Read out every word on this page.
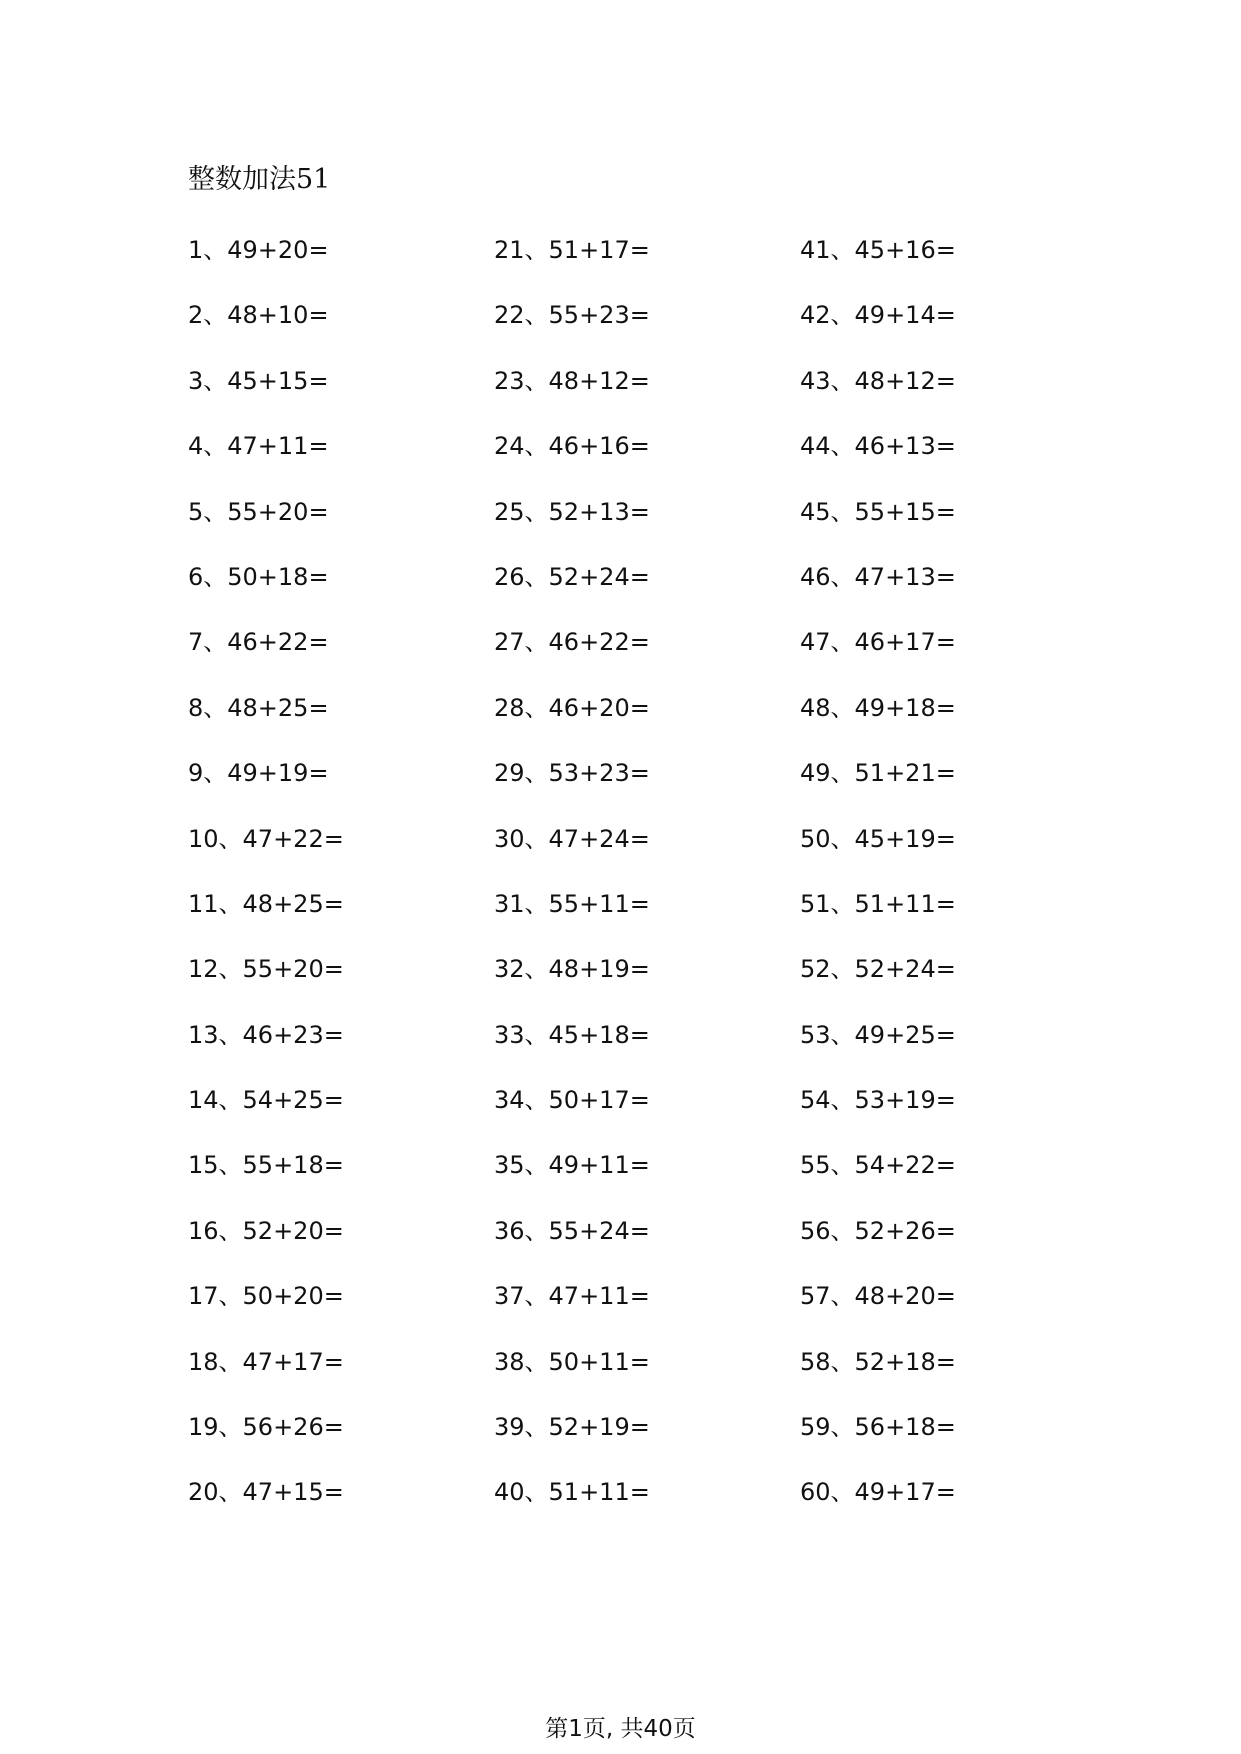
整数加法51
1、49+20=
2、48+10=
3、45+15=
4、47+11=
5、55+20=
6、50+18=
7、46+22=
8、48+25=
9、49+19=
10、47+22=
11、48+25=
12、55+20=
13、46+23=
14、54+25=
15、55+18=
16、52+20=
17、50+20=
18、47+17=
19、56+26=
20、47+15=
21、51+17=
22、55+23=
23、48+12=
24、46+16=
25、52+13=
26、52+24=
27、46+22=
28、46+20=
29、53+23=
30、47+24=
31、55+11=
32、48+19=
33、45+18=
34、50+17=
35、49+11=
36、55+24=
37、47+11=
38、50+11=
39、52+19=
40、51+11=
41、45+16=
42、49+14=
43、48+12=
44、46+13=
45、55+15=
46、47+13=
47、46+17=
48、49+18=
49、51+21=
50、45+19=
51、51+11=
52、52+24=
53、49+25=
54、53+19=
55、54+22=
56、52+26=
57、48+20=
58、52+18=
59、56+18=
60、49+17=
第1页, 共40页
